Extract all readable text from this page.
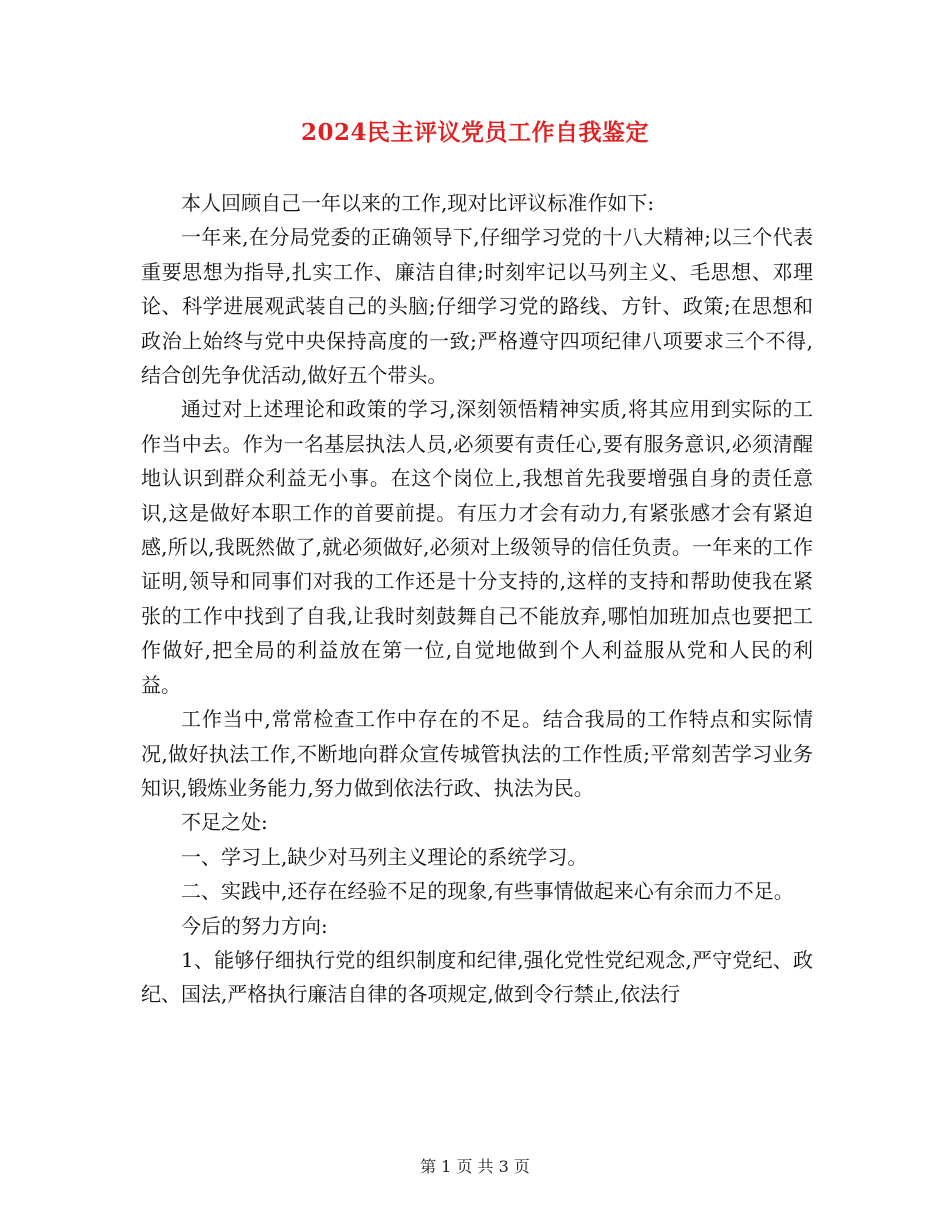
2024民主评议党员工作自我鉴定

本人回顾自己一年以来的工作,现对比评议标准作如下:

一年来,在分局党委的正确领导下,仔细学习党的十八大精神;以三个代表重要思想为指导,扎实工作、廉洁自律;时刻牢记以马列主义、毛思想、邓理论、科学进展观武装自己的头脑;仔细学习党的路线、方针、政策;在思想和政治上始终与党中央保持高度的一致;严格遵守四项纪律八项要求三个不得,结合创先争优活动,做好五个带头。

通过对上述理论和政策的学习,深刻领悟精神实质,将其应用到实际的工作当中去。作为一名基层执法人员,必须要有责任心,要有服务意识,必须清醒地认识到群众利益无小事。在这个岗位上,我想首先我要增强自身的责任意识,这是做好本职工作的首要前提。有压力才会有动力,有紧张感才会有紧迫感,所以,我既然做了,就必须做好,必须对上级领导的信任负责。一年来的工作证明,领导和同事们对我的工作还是十分支持的,这样的支持和帮助使我在紧张的工作中找到了自我,让我时刻鼓舞自己不能放弃,哪怕加班加点也要把工作做好,把全局的利益放在第一位,自觉地做到个人利益服从党和人民的利益。

工作当中,常常检查工作中存在的不足。结合我局的工作特点和实际情况,做好执法工作,不断地向群众宣传城管执法的工作性质;平常刻苦学习业务知识,锻炼业务能力,努力做到依法行政、执法为民。

不足之处:

一、学习上,缺少对马列主义理论的系统学习。

二、实践中,还存在经验不足的现象,有些事情做起来心有余而力不足。

今后的努力方向:

1、能够仔细执行党的组织制度和纪律,强化党性党纪观念,严守党纪、政纪、国法,严格执行廉洁自律的各项规定,做到令行禁止,依法行

第 1 页 共 3 页
